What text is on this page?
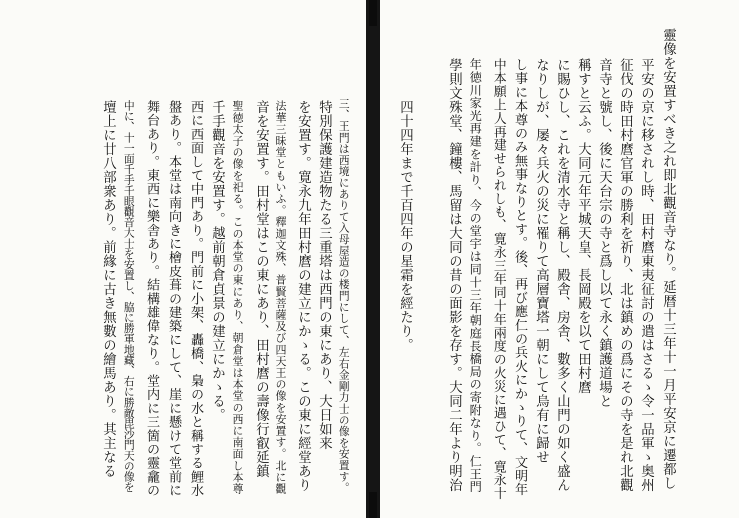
三、王門は西境にありて入母屋造の楼門にして、左右金剛力士の像を安置す。
特別保護建造物たる三重塔は西門の東にあり、大日如来
を安置す。寛永九年田村麿の建立にかゝる。この東に經堂あり
法華三昧堂ともいふ。釋迦文殊、普賢菩薩及び四天王の像を安置す。北に觀
音を安置す。田村堂はこの東にあり、田村麿の壽像行叡延鎮
聖徳太子の像を祀る。この本堂の東にあり、朝倉堂は本堂の西に南面し本尊
千手觀音を安置す。越前朝倉貞景の建立にかゝる。
西に西面して中門あり。門前に小架、轟橋、梟の水と稱する鯉水
盤あり。本堂は南向きに檜皮葺の建築にして、崖に懸けて堂前に
舞台あり。東西に樂舎あり。結構雄偉なり。堂内に三箇の靈龕の
中に、十一面千手千眼觀音大士を安置し、脇に勝軍地藏、右に勝敵毘沙門天の像を
壇上に廿八部衆あり。前緣に古き無數の繪馬あり。其主なる	靈像を安置すべき之れ即北觀音寺なり。延暦十三年十一月平安京に遷都し
平安の京に移されし時、田村麿東夷征討の遣はさるゝ令一品軍ゝ奥州
征伐の時田村麿官軍の勝利を祈り、北は鎮めの爲にその寺を是れ北觀
音寺と號し、後に天台宗の寺と爲し以て永く鎮護道場と
稱すと云ふ。大同元年平城天皇、長岡殿を以て田村麿
に賜ひし、これを清水寺と稱し、殿舎、房舎、數多く山門の如く盛ん
なりしが、屡々兵火の災に罹りて高層寶塔一朝にして烏有に歸せ
し事に本尊のみ無事なりとす。後、再び應仁の兵火にかゝりて、文明年
中本願上人再建せられしも、寛永三年同十年兩度の火災に遇ひて、寛永十
年徳川家光再建を計り、今の堂宇は同十三年朝庭長橋局の寄附なり。仁王門
學則文殊堂、鐘樓、馬留は大同の昔の面影を存す。大同二年より明治
四十四年まで千百四年の星霜を經たり。
